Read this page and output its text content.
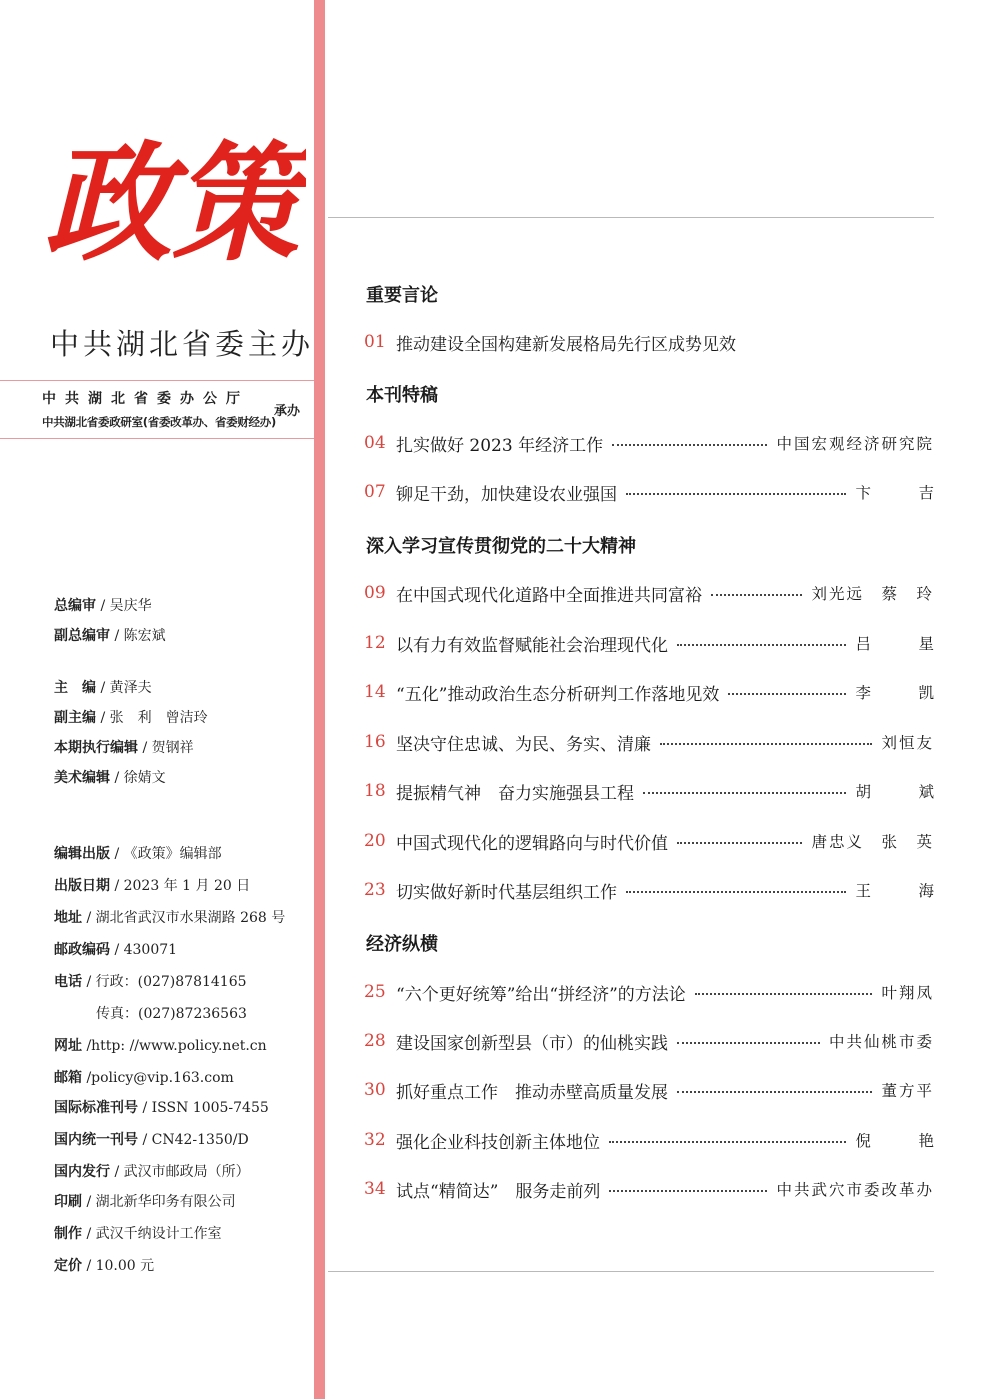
政策
中共湖北省委主办
中共湖北省委办公厅
中共湖北省委政研室(省委改革办、省委财经办)
承办
总编审 / 吴庆华
副总编审 / 陈宏斌
主　编 / 黄泽夫
副主编 / 张　利　曾洁玲
本期执行编辑 / 贺钢祥
美术编辑 / 徐婧文
编辑出版 / 《政策》编辑部
出版日期 / 2023 年 1 月 20 日
地址 / 湖北省武汉市水果湖路 268 号
邮政编码 / 430071
电话 / 行政：(027)87814165
传真：(027)87236563
网址 /http: //www.policy.net.cn
邮箱 /policy@vip.163.com
国际标准刊号 / ISSN 1005-7455
国内统一刊号 / CN42-1350/D
国内发行 / 武汉市邮政局（所）
印刷 / 湖北新华印务有限公司
制作 / 武汉千纳设计工作室
定价 / 10.00 元
重要言论
01 推动建设全国构建新发展格局先行区成势见效
本刊特稿
04 扎实做好 2023 年经济工作	中国宏观经济研究院
07 铆足干劲，加快建设农业强国	卞　吉
深入学习宣传贯彻党的二十大精神
09 在中国式现代化道路中全面推进共同富裕	刘光远　蔡　玲
12 以有力有效监督赋能社会治理现代化	吕　星
14 “五化”推动政治生态分析研判工作落地见效	李　凯
16 坚决守住忠诚、为民、务实、清廉	刘恒友
18 提振精气神　奋力实施强县工程	胡　斌
20 中国式现代化的逻辑路向与时代价值	唐忠义　张　英
23 切实做好新时代基层组织工作	王　海
经济纵横
25 “六个更好统筹”给出“拼经济”的方法论	叶翔凤
28 建设国家创新型县（市）的仙桃实践	中共仙桃市委
30 抓好重点工作　推动赤壁高质量发展	董方平
32 强化企业科技创新主体地位	倪　艳
34 试点“精简达”　服务走前列	中共武穴市委改革办
